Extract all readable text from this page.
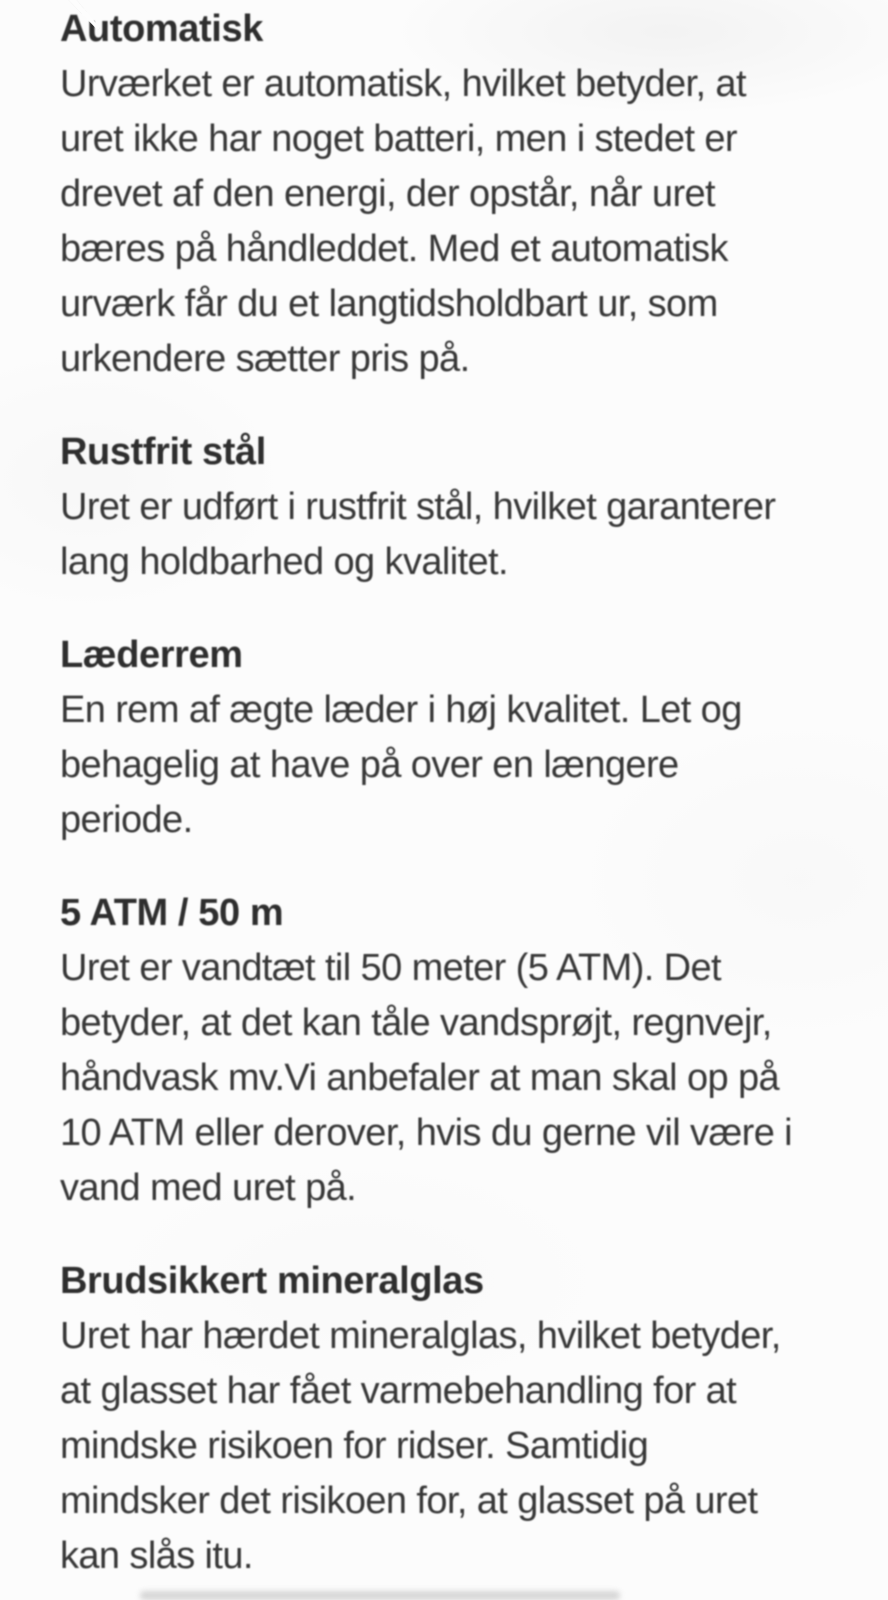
Automatisk
Urværket er automatisk, hvilket betyder, at
uret ikke har noget batteri, men i stedet er
drevet af den energi, der opstår, når uret
bæres på håndleddet. Med et automatisk
urværk får du et langtidsholdbart ur, som
urkendere sætter pris på.
Rustfrit stål
Uret er udført i rustfrit stål, hvilket garanterer
lang holdbarhed og kvalitet.
Læderrem
En rem af ægte læder i høj kvalitet. Let og
behagelig at have på over en længere
periode.
5 ATM / 50 m
Uret er vandtæt til 50 meter (5 ATM). Det
betyder, at det kan tåle vandsprøjt, regnvejr,
håndvask mv.Vi anbefaler at man skal op på
10 ATM eller derover, hvis du gerne vil være i
vand med uret på.
Brudsikkert mineralglas
Uret har hærdet mineralglas, hvilket betyder,
at glasset har fået varmebehandling for at
mindske risikoen for ridser. Samtidig
mindsker det risikoen for, at glasset på uret
kan slås itu.
